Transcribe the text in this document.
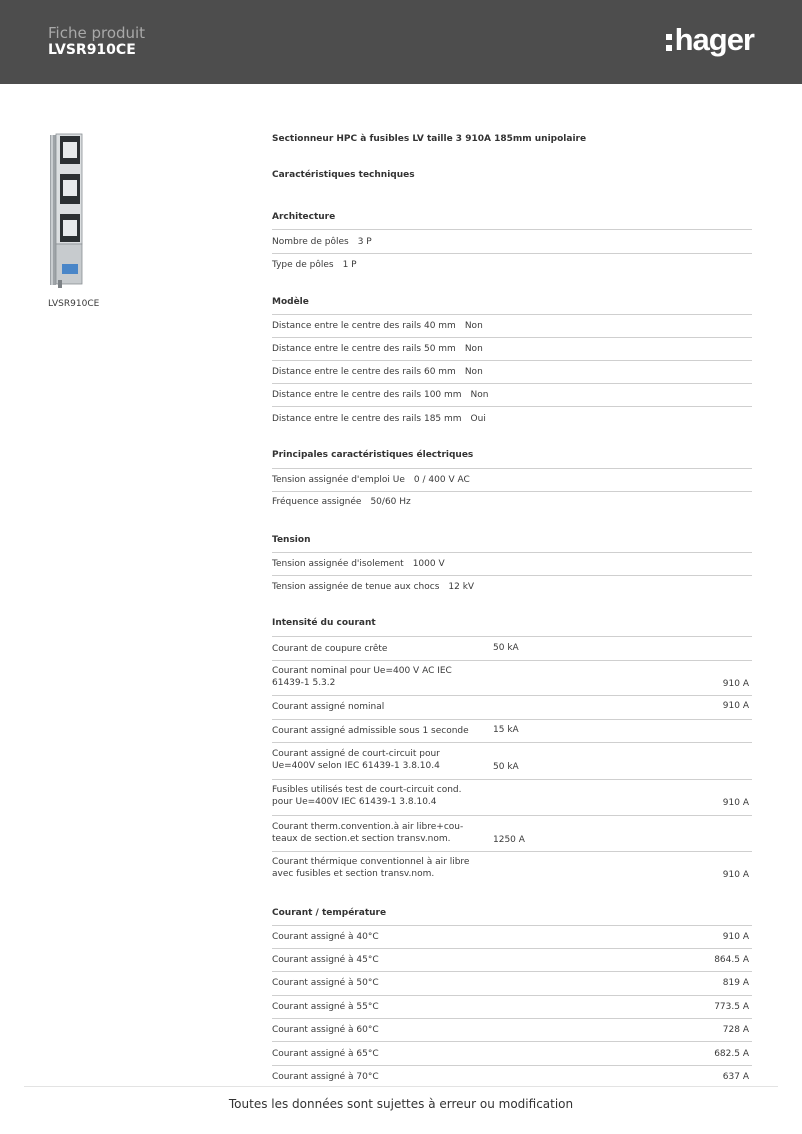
Fiche produit
LVSR910CE	hager
LVSR910CE
Sectionneur HPC à fusibles LV taille 3 910A 185mm unipolaire
Caractéristiques techniques
Architecture
Nombre de pôles 3 P
Type de pôles 1 P
Modèle
Distance entre le centre des rails 40 mm Non
Distance entre le centre des rails 50 mm Non
Distance entre le centre des rails 60 mm Non
Distance entre le centre des rails 100 mm Non
Distance entre le centre des rails 185 mm Oui
Principales caractéristiques électriques
Tension assignée d'emploi Ue 0 / 400 V AC
Fréquence assignée 50/60 Hz
Tension
Tension assignée d'isolement 1000 V
Tension assignée de tenue aux chocs 12 kV
Intensité du courant
Courant de coupure crête	50 kA
Courant nominal pour Ue=400 V AC IEC
61439-1 5.3.2	910 A
Courant assigné nominal	910 A
Courant assigné admissible sous 1 seconde	15 kA
Courant assigné de court-circuit pour
Ue=400V selon IEC 61439-1 3.8.10.4	50 kA
Fusibles utilisés test de court-circuit cond.
pour Ue=400V IEC 61439-1 3.8.10.4	910 A
Courant therm.convention.à air libre+cou-
teaux de section.et section transv.nom.	1250 A
Courant thérmique conventionnel à air libre
avec fusibles et section transv.nom.	910 A
Courant / température
Courant assigné à 40°C	910 A
Courant assigné à 45°C	864.5 A
Courant assigné à 50°C	819 A
Courant assigné à 55°C	773.5 A
Courant assigné à 60°C	728 A
Courant assigné à 65°C	682.5 A
Courant assigné à 70°C	637 A
Toutes les données sont sujettes à erreur ou modification
